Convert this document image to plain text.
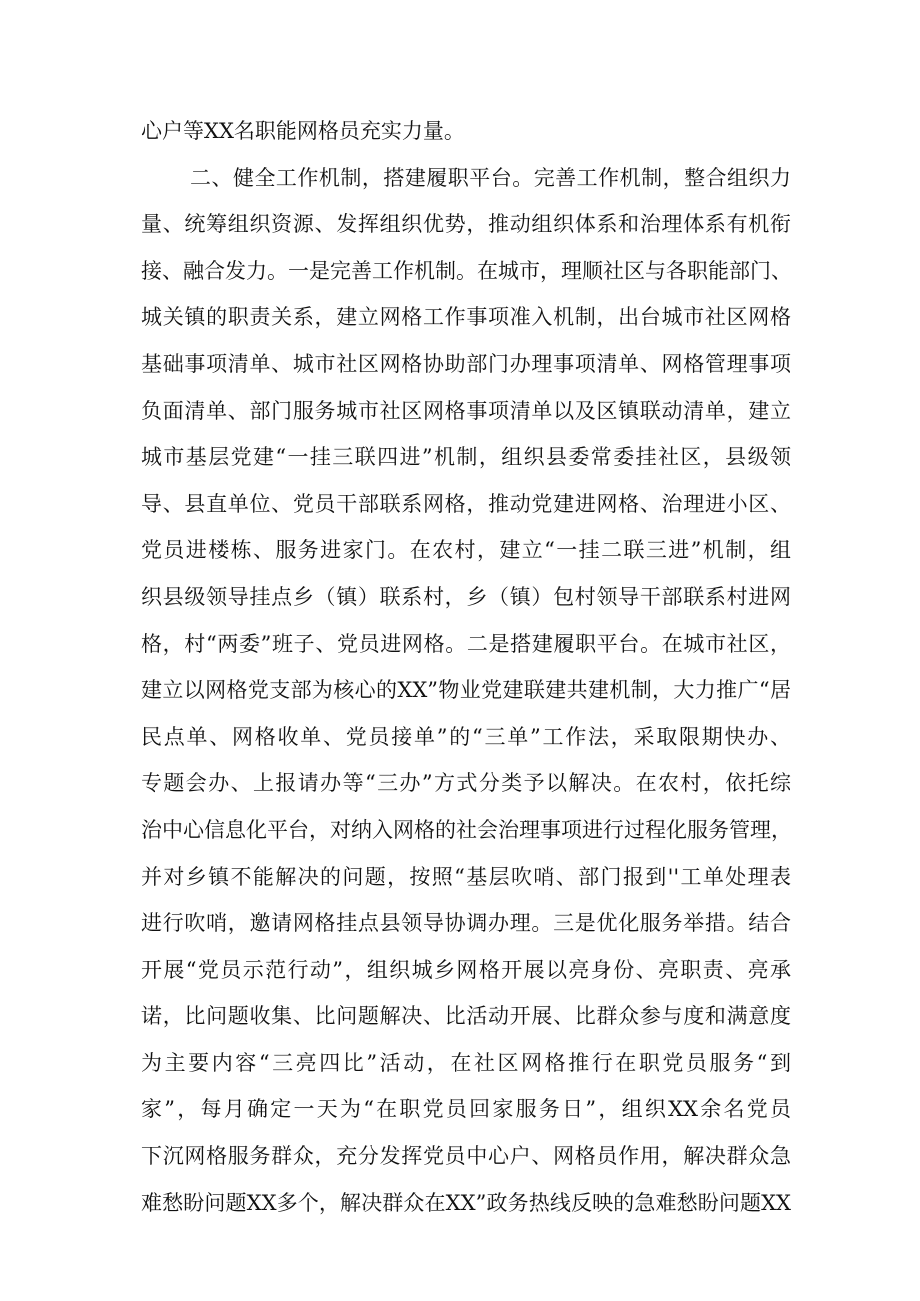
心户等XX名职能网格员充实力量。
二、健全工作机制，搭建履职平台。完善工作机制，整合组织力
量、统筹组织资源、发挥组织优势，推动组织体系和治理体系有机衔
接、融合发力。一是完善工作机制。在城市，理顺社区与各职能部门、
城关镇的职责关系，建立网格工作事项准入机制，出台城市社区网格
基础事项清单、城市社区网格协助部门办理事项清单、网格管理事项
负面清单、部门服务城市社区网格事项清单以及区镇联动清单，建立
城市基层党建“一挂三联四进”机制，组织县委常委挂社区，县级领
导、县直单位、党员干部联系网格，推动党建进网格、治理进小区、
党员进楼栋、服务进家门。在农村，建立“一挂二联三进”机制，组
织县级领导挂点乡（镇）联系村，乡（镇）包村领导干部联系村进网
格，村“两委”班子、党员进网格。二是搭建履职平台。在城市社区，
建立以网格党支部为核心的XX”物业党建联建共建机制，大力推广“居
民点单、网格收单、党员接单”的“三单”工作法，采取限期快办、
专题会办、上报请办等“三办”方式分类予以解决。在农村，依托综
治中心信息化平台，对纳入网格的社会治理事项进行过程化服务管理，
并对乡镇不能解决的问题，按照“基层吹哨、部门报到''工单处理表
进行吹哨，邀请网格挂点县领导协调办理。三是优化服务举措。结合
开展“党员示范行动”，组织城乡网格开展以亮身份、亮职责、亮承
诺，比问题收集、比问题解决、比活动开展、比群众参与度和满意度
为主要内容“三亮四比”活动，在社区网格推行在职党员服务“到
家”，每月确定一天为“在职党员回家服务日”，组织XX余名党员
下沉网格服务群众，充分发挥党员中心户、网格员作用，解决群众急
难愁盼问题XX多个，解决群众在XX”政务热线反映的急难愁盼问题XX
